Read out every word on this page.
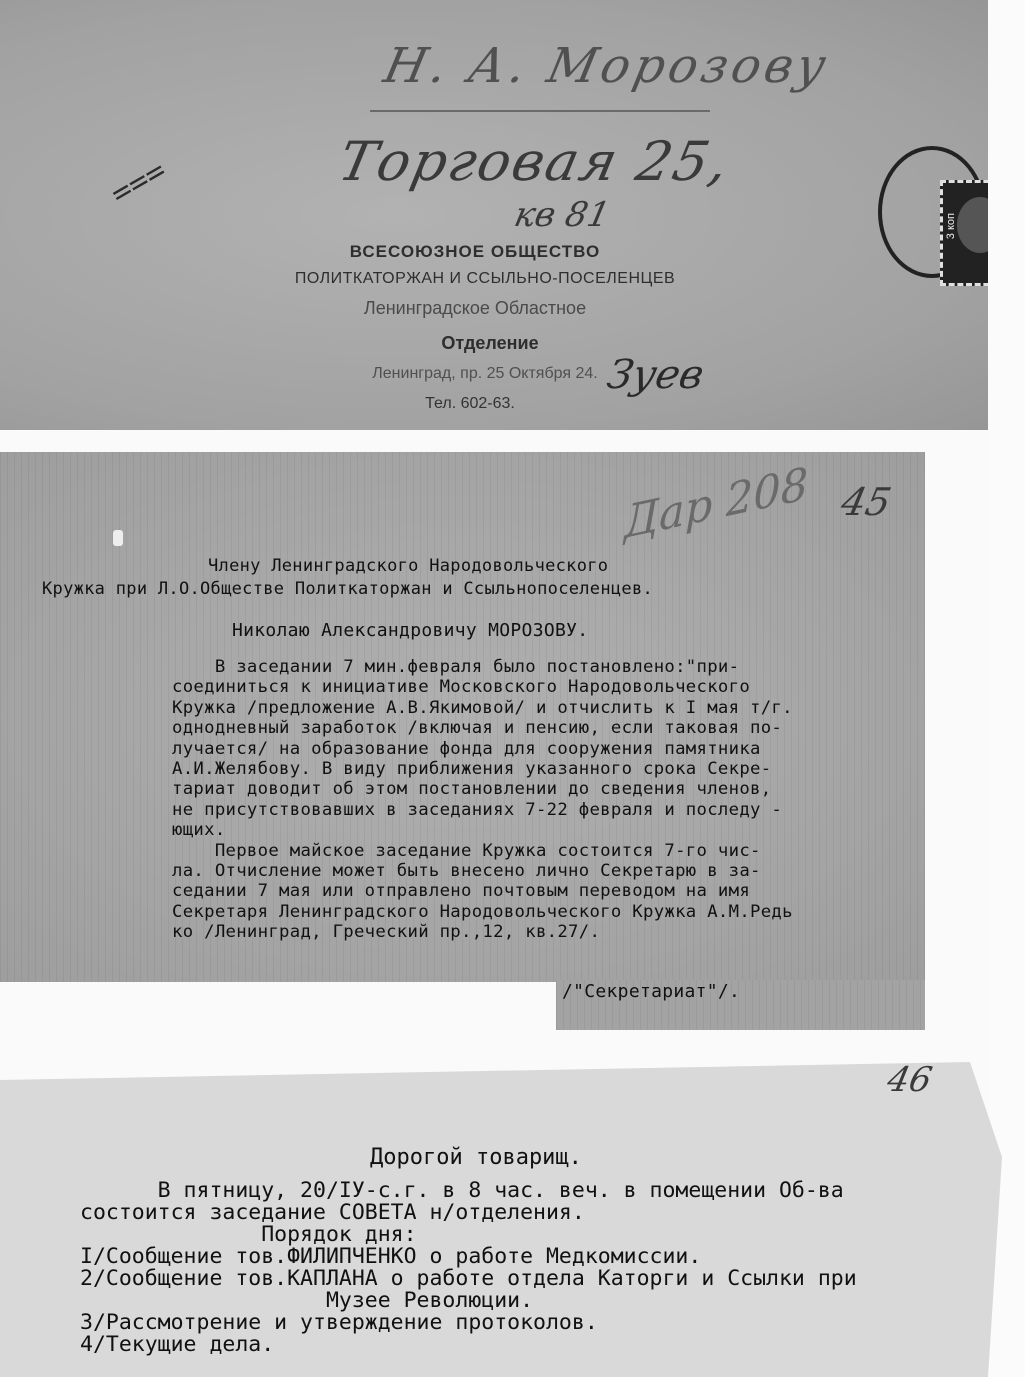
Н. А. Морозову
Торговая 25,
кв 81
⩶
ВСЕСОЮЗНОЕ ОБЩЕСТВО
ПОЛИТКАТОРЖАН И ССЫЛЬНО-ПОСЕЛЕНЦЕВ
Ленинградское Областное
Отделение
Ленинград, пр. 25 Октября 24.
Тел. 602-63.
Зуев
3 коп
Дар 208 45
Члену Ленинградского Народовольческого
Кружка при Л.О.Обществе Политкаторжан и Ссыльнопоселенцев.
Николаю Александровичу МОРОЗОВУ.
В заседании 7 мин.февраля было постановлено:"при-
соединиться к инициативе Московского Народовольческого
Кружка /предложение А.В.Якимовой/ и отчислить к I мая т/г.
однодневный заработок /включая и пенсию, если таковая по-
лучается/ на образование фонда для сооружения памятника
А.И.Желябову. В виду приближения указанного срока Секре-
тариат доводит об этом постановлении до сведения членов,
не присутствовавших в заседаниях 7-22 февраля и последу -
ющих.
Первое майское заседание Кружка состоится 7-го чис-
ла. Отчисление может быть внесено лично Секретарю в за-
седании 7 мая или отправлено почтовым переводом на имя
Секретаря Ленинградского Народовольческого Кружка А.М.Редь
ко /Ленинград, Греческий пр.,12, кв.27/.
/"Секретариат"/.
46
Дорогой товарищ.
В пятницу, 20/IУ-с.г. в 8 час. веч. в помещении Об-ва
состоится заседание СОВЕТА н/отделения.
Порядок дня:
I/Сообщение тов.ФИЛИПЧЕНКО о работе Медкомиссии.
2/Сообщение тов.КАПЛАНА о работе отдела Каторги и Ссылки при
Музее Революции.
3/Рассмотрение и утверждение протоколов.
4/Текущие дела.
